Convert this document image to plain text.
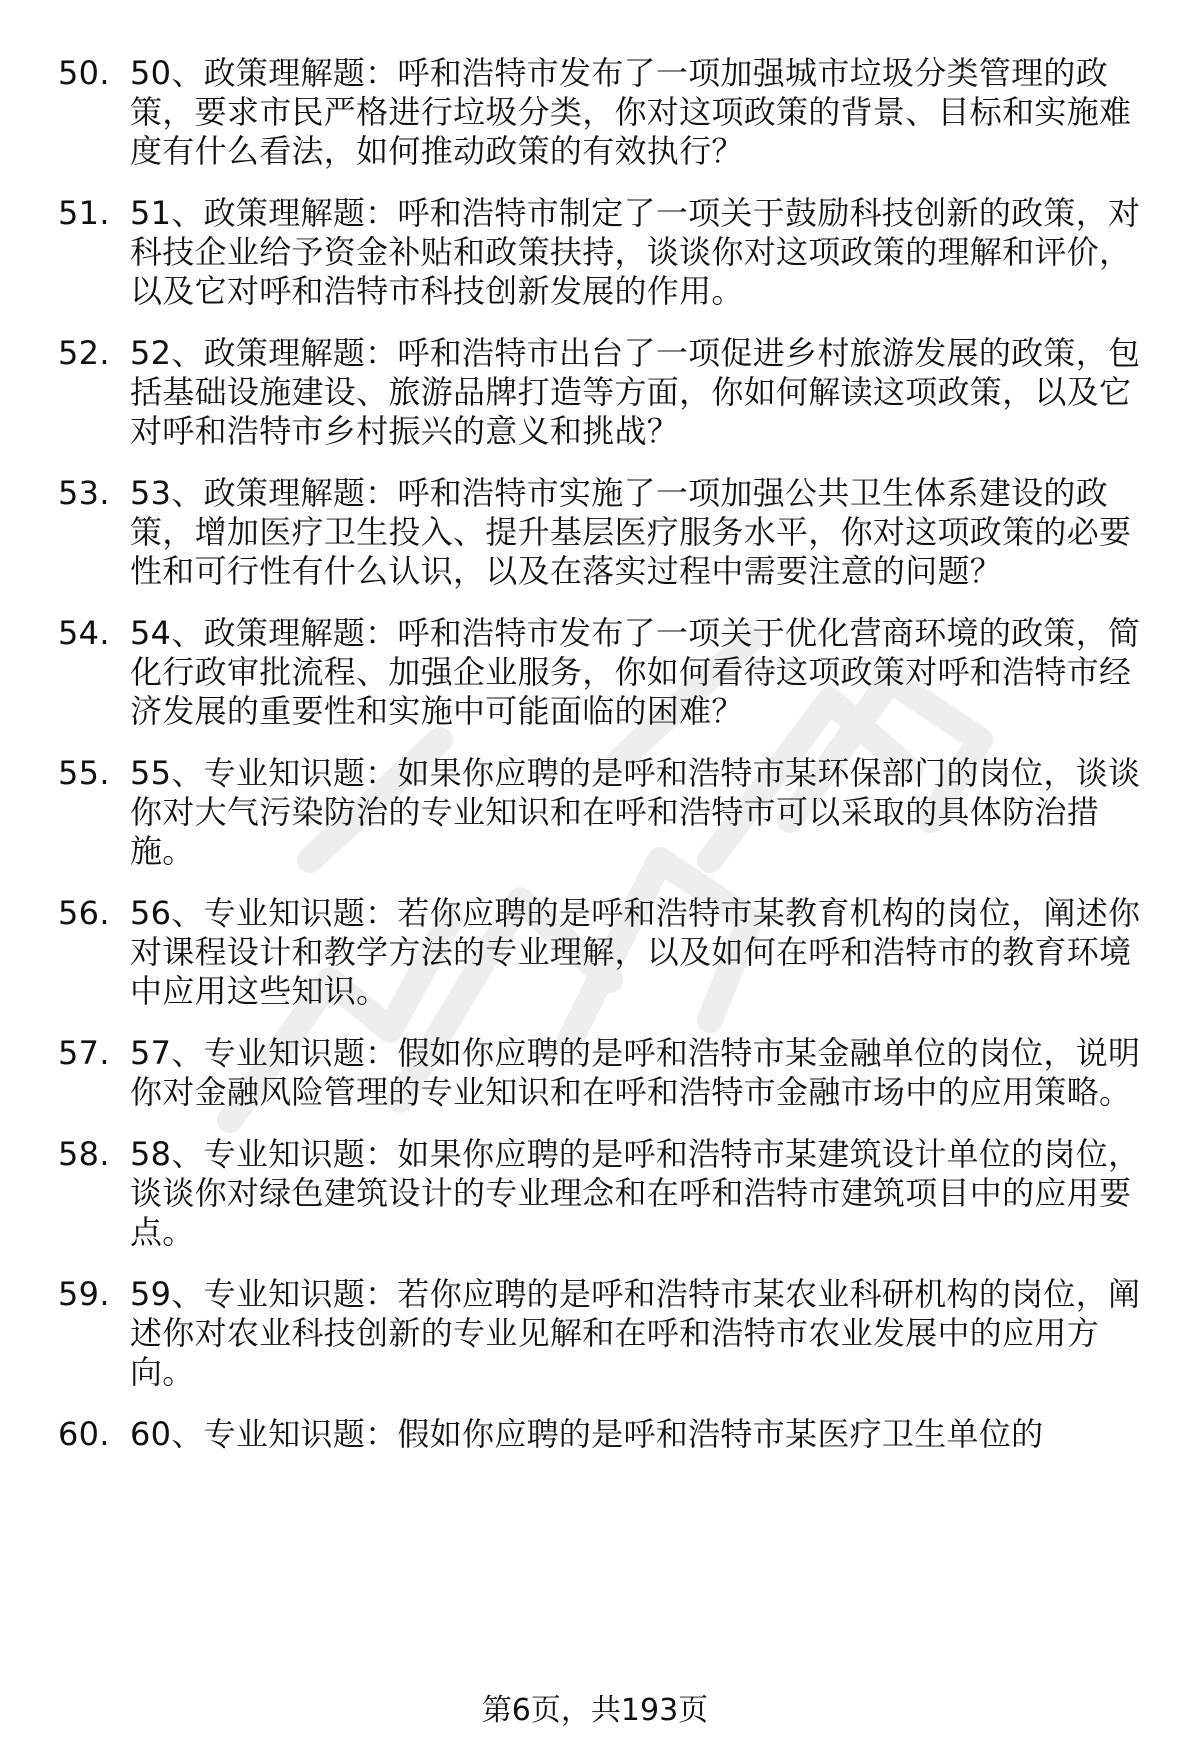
50. 50、政策理解题：呼和浩特市发布了一项加强城市垃圾分类管理的政策，要求市民严格进行垃圾分类，你对这项政策的背景、目标和实施难度有什么看法，如何推动政策的有效执行？
51. 51、政策理解题：呼和浩特市制定了一项关于鼓励科技创新的政策，对科技企业给予资金补贴和政策扶持，谈谈你对这项政策的理解和评价，以及它对呼和浩特市科技创新发展的作用。
52. 52、政策理解题：呼和浩特市出台了一项促进乡村旅游发展的政策，包括基础设施建设、旅游品牌打造等方面，你如何解读这项政策，以及它对呼和浩特市乡村振兴的意义和挑战？
53. 53、政策理解题：呼和浩特市实施了一项加强公共卫生体系建设的政策，增加医疗卫生投入、提升基层医疗服务水平，你对这项政策的必要性和可行性有什么认识，以及在落实过程中需要注意的问题？
54. 54、政策理解题：呼和浩特市发布了一项关于优化营商环境的政策，简化行政审批流程、加强企业服务，你如何看待这项政策对呼和浩特市经济发展的重要性和实施中可能面临的困难？
55. 55、专业知识题：如果你应聘的是呼和浩特市某环保部门的岗位，谈谈你对大气污染防治的专业知识和在呼和浩特市可以采取的具体防治措施。
56. 56、专业知识题：若你应聘的是呼和浩特市某教育机构的岗位，阐述你对课程设计和教学方法的专业理解，以及如何在呼和浩特市的教育环境中应用这些知识。
57. 57、专业知识题：假如你应聘的是呼和浩特市某金融单位的岗位，说明你对金融风险管理的专业知识和在呼和浩特市金融市场中的应用策略。
58. 58、专业知识题：如果你应聘的是呼和浩特市某建筑设计单位的岗位，谈谈你对绿色建筑设计的专业理念和在呼和浩特市建筑项目中的应用要点。
59. 59、专业知识题：若你应聘的是呼和浩特市某农业科研机构的岗位，阐述你对农业科技创新的专业见解和在呼和浩特市农业发展中的应用方向。
60. 60、专业知识题：假如你应聘的是呼和浩特市某医疗卫生单位的
第6页，共193页
